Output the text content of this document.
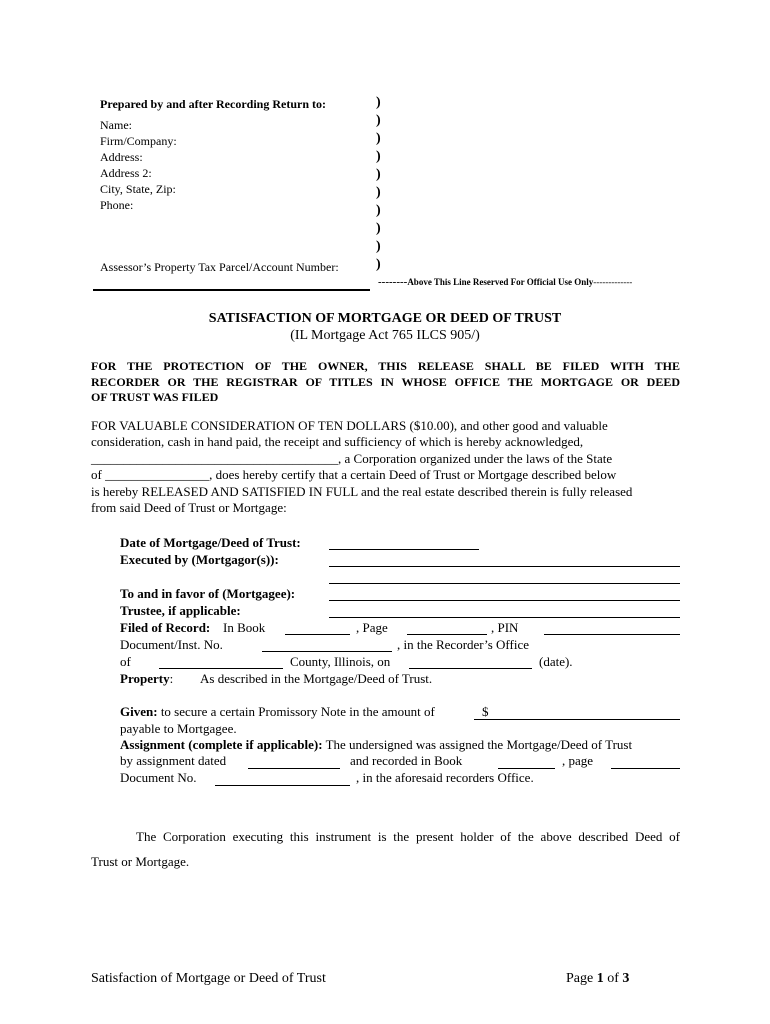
Prepared by and after Recording Return to:
Name:
Firm/Company:
Address:
Address 2:
City, State, Zip:
Phone:
Assessor’s Property Tax Parcel/Account Number:
)
)
)
)
)
)
)
)
)
)
--------Above This Line Reserved For Official Use Only-------------
SATISFACTION OF MORTGAGE OR DEED OF TRUST
(IL Mortgage Act 765 ILCS 905/)
FOR THE PROTECTION OF THE OWNER, THIS RELEASE SHALL BE FILED WITH THE
RECORDER OR THE REGISTRAR OF TITLES IN WHOSE OFFICE THE MORTGAGE OR DEED
OF TRUST WAS FILED
FOR VALUABLE CONSIDERATION OF TEN DOLLARS ($10.00), and other good and valuable
consideration, cash in hand paid, the receipt and sufficiency of which is hereby acknowledged,
______________________________________, a Corporation organized under the laws of the State
of ________________, does hereby certify that a certain Deed of Trust or Mortgage described below
is hereby RELEASED AND SATISFIED IN FULL and the real estate described therein is fully released
from said Deed of Trust or Mortgage:
Date of Mortgage/Deed of Trust:
Executed by (Mortgagor(s)):
To and in favor of (Mortgagee):
Trustee, if applicable:
Filed of Record: In Book	, Page	, PIN
Document/Inst. No.	, in the Recorder’s Office
of	County, Illinois, on	(date).
Property: As described in the Mortgage/Deed of Trust.
Given: to secure a certain Promissory Note in the amount of	$
payable to Mortgagee.
Assignment (complete if applicable): The undersigned was assigned the Mortgage/Deed of Trust
by assignment dated	and recorded in Book	, page
Document No.	, in the aforesaid recorders Office.
The Corporation executing this instrument is the present holder of the above described Deed of
Trust or Mortgage.
Satisfaction of Mortgage or Deed of Trust	Page 1 of 3
